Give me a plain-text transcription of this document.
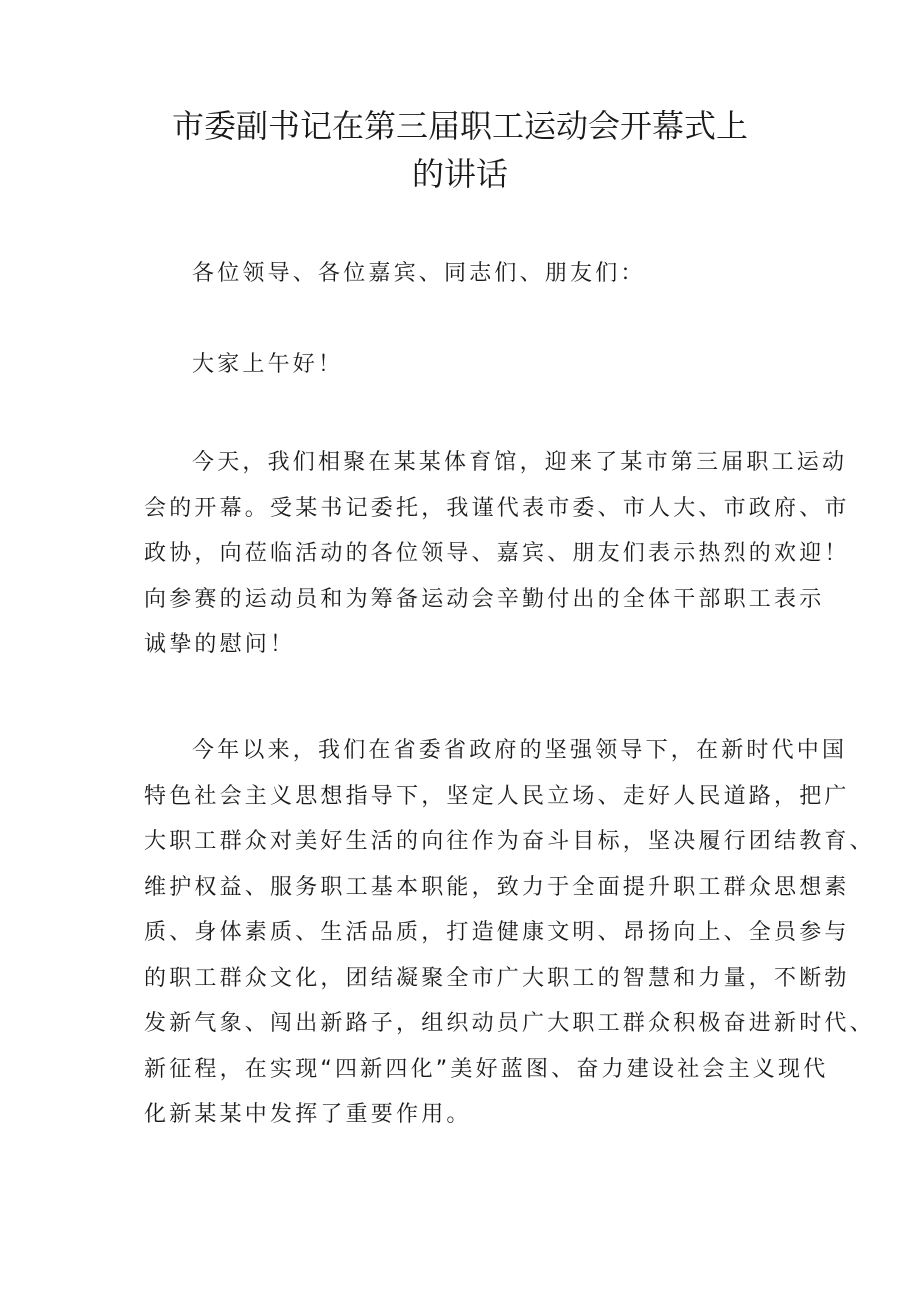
市委副书记在第三届职工运动会开幕式上
的讲话

各位领导、各位嘉宾、同志们、朋友们：

大家上午好！

今天，我们相聚在某某体育馆，迎来了某市第三届职工运动
会的开幕。受某书记委托，我谨代表市委、市人大、市政府、市
政协，向莅临活动的各位领导、嘉宾、朋友们表示热烈的欢迎！
向参赛的运动员和为筹备运动会辛勤付出的全体干部职工表示
诚挚的慰问！

今年以来，我们在省委省政府的坚强领导下，在新时代中国
特色社会主义思想指导下，坚定人民立场、走好人民道路，把广
大职工群众对美好生活的向往作为奋斗目标，坚决履行团结教育、
维护权益、服务职工基本职能，致力于全面提升职工群众思想素
质、身体素质、生活品质，打造健康文明、昂扬向上、全员参与
的职工群众文化，团结凝聚全市广大职工的智慧和力量，不断勃
发新气象、闯出新路子，组织动员广大职工群众积极奋进新时代、
新征程，在实现“四新四化”美好蓝图、奋力建设社会主义现代
化新某某中发挥了重要作用。
